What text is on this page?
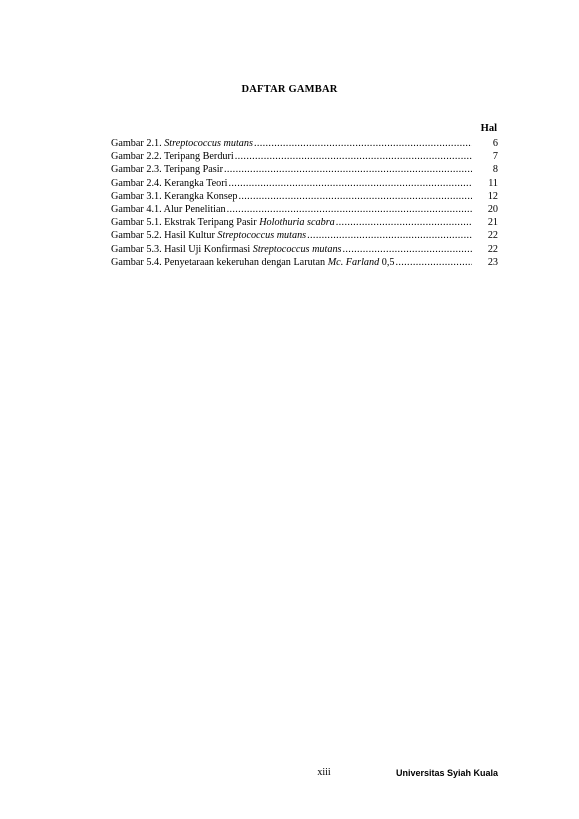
DAFTAR GAMBAR
Hal
Gambar 2.1. Streptococcus mutans .....	6
Gambar 2.2. Teripang Berduri .....	7
Gambar 2.3. Teripang Pasir .....	8
Gambar 2.4. Kerangka Teori .....	11
Gambar 3.1. Kerangka Konsep .....	12
Gambar 4.1. Alur Penelitian .....	20
Gambar 5.1. Ekstrak Teripang Pasir Holothuria scabra .....	21
Gambar 5.2. Hasil Kultur Streptococcus mutans .....	22
Gambar 5.3. Hasil Uji Konfirmasi Streptococcus mutans .....	22
Gambar 5.4. Penyetaraan kekeruhan dengan Larutan Mc. Farland 0,5 .....	23
xiii	Universitas Syiah Kuala
